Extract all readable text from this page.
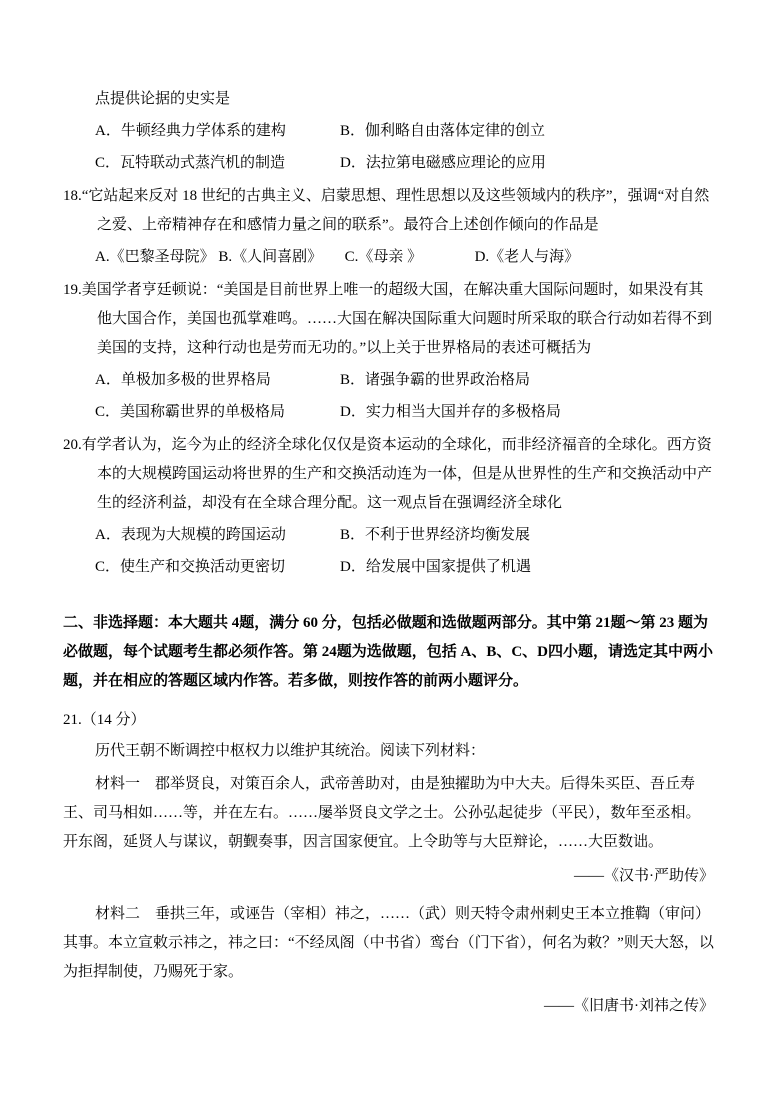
点提供论据的史实是

A．牛顿经典力学体系的建构	B．伽利略自由落体定律的创立
C．瓦特联动式蒸汽机的制造	D．法拉第电磁感应理论的应用

18.“它站起来反对 18 世纪的古典主义、启蒙思想、理性思想以及这些领域内的秩序”，强调“对自然之爱、上帝精神存在和感情力量之间的联系”。最符合上述创作倾向的作品是

A.《巴黎圣母院》 B.《人间喜剧》　　C.《母亲 》　　　　D.《老人与海》

19.美国学者亨廷顿说：“美国是目前世界上唯一的超级大国，在解决重大国际问题时，如果没有其他大国合作，美国也孤掌难鸣。……大国在解决国际重大问题时所采取的联合行动如若得不到美国的支持，这种行动也是劳而无功的。”以上关于世界格局的表述可概括为

A．单极加多极的世界格局	B．诸强争霸的世界政治格局
C．美国称霸世界的单极格局	D．实力相当大国并存的多极格局

20.有学者认为，迄今为止的经济全球化仅仅是资本运动的全球化，而非经济福音的全球化。西方资本的大规模跨国运动将世界的生产和交换活动连为一体，但是从世界性的生产和交换活动中产生的经济利益，却没有在全球合理分配。这一观点旨在强调经济全球化

A．表现为大规模的跨国运动	B．不利于世界经济均衡发展
C．使生产和交换活动更密切	D．给发展中国家提供了机遇

二、非选择题：本大题共 4题，满分 60 分，包括必做题和选做题两部分。其中第 21题～第 23 题为必做题，每个试题考生都必须作答。第 24题为选做题，包括 A、B、C、D四小题，请选定其中两小题，并在相应的答题区域内作答。若多做，则按作答的前两小题评分。

21.（14 分）

历代王朝不断调控中枢权力以维护其统治。阅读下列材料：

材料一　郡举贤良，对策百余人，武帝善助对，由是独擢助为中大夫。后得朱买臣、吾丘寿王、司马相如……等，并在左右。……屡举贤良文学之士。公孙弘起徒步（平民），数年至丞相。开东阁，延贤人与谋议，朝觐奏事，因言国家便宜。上令助等与大臣辩论，……大臣数诎。

——《汉书·严助传》

材料二　垂拱三年，或诬告（宰相）祎之，……（武）则天特令肃州刺史王本立推鞫（审问）其事。本立宣敕示祎之，祎之曰：“不经凤阁（中书省）鸾台（门下省），何名为敕？”则天大怒，以为拒捍制使，乃赐死于家。

——《旧唐书·刘祎之传》
